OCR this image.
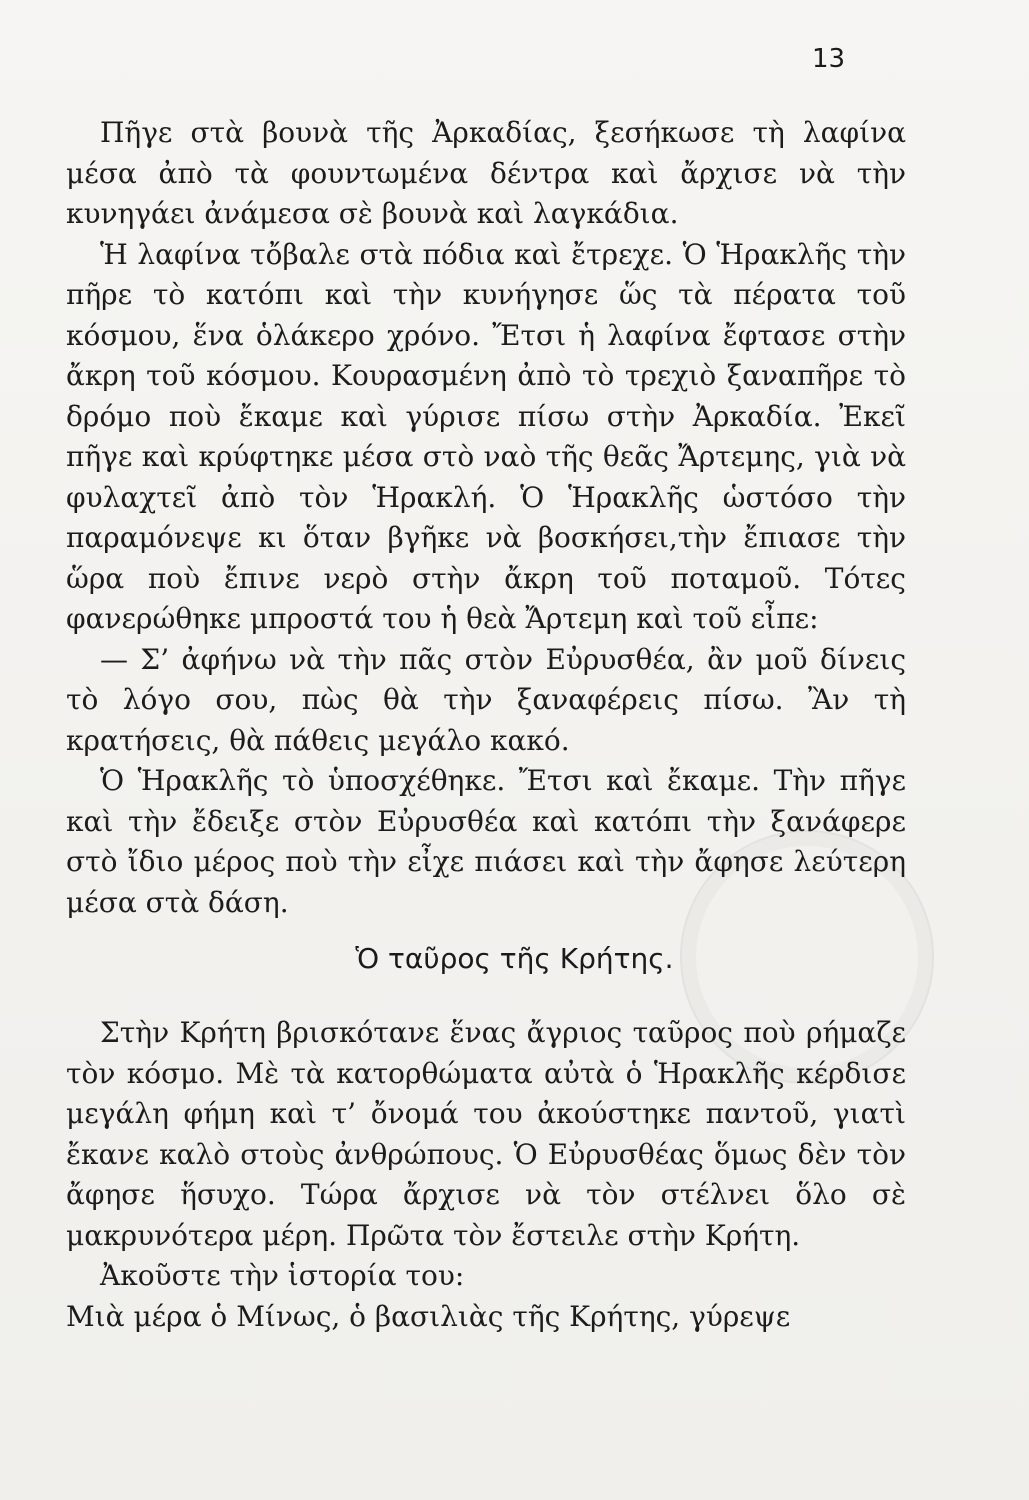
13

Πῆγε στὰ βουνὰ τῆς Ἀρκαδίας, ξεσήκωσε τὴ λαφίνα μέσα ἀπὸ τὰ φουντωμένα δέντρα καὶ ἄρχισε νὰ τὴν κυνηγάει ἀνάμεσα σὲ βουνὰ καὶ λαγκάδια.

Ἡ λαφίνα τὄβαλε στὰ πόδια καὶ ἔτρεχε. Ὁ Ἡρακλῆς τὴν πῆρε τὸ κατόπι καὶ τὴν κυνήγησε ὥς τὰ πέρατα τοῦ κόσμου, ἕνα ὁλάκερο χρόνο. Ἔτσι ἡ λαφίνα ἔφτασε στὴν ἄκρη τοῦ κόσμου. Κουρασμένη ἀπὸ τὸ τρεχιὸ ξαναπῆρε τὸ δρόμο ποὺ ἔκαμε καὶ γύρισε πίσω στὴν Ἀρκαδία. Ἐκεῖ πῆγε καὶ κρύφτηκε μέσα στὸ ναὸ τῆς θεᾶς Ἄρτεμης, γιὰ νὰ φυλαχτεῖ ἀπὸ τὸν Ἡρακλή. Ὁ Ἡρακλῆς ὡστόσο τὴν παραμόνεψε κι ὅταν βγῆκε νὰ βοσκήσει,τὴν ἔπιασε τὴν ὥρα ποὺ ἔπινε νερὸ στὴν ἄκρη τοῦ ποταμοῦ. Τότες φανερώθηκε μπροστά του ἡ θεὰ Ἄρτεμη καὶ τοῦ εἶπε:

— Σ’ ἀφήνω νὰ τὴν πᾶς στὸν Εὐρυσθέα, ἂν μοῦ δίνεις τὸ λόγο σου, πὼς θὰ τὴν ξαναφέρεις πίσω. Ἂν τὴ κρατήσεις, θὰ πάθεις μεγάλο κακό.

Ὁ Ἡρακλῆς τὸ ὑποσχέθηκε. Ἔτσι καὶ ἔκαμε. Τὴν πῆγε καὶ τὴν ἔδειξε στὸν Εὐρυσθέα καὶ κατόπι τὴν ξανάφερε στὸ ἴδιο μέρος ποὺ τὴν εἶχε πιάσει καὶ τὴν ἄφησε λεύτερη μέσα στὰ δάση.

Ὁ ταῦρος τῆς Κρήτης.

Στὴν Κρήτη βρισκότανε ἕνας ἄγριος ταῦρος ποὺ ρήμαζε τὸν κόσμο. Μὲ τὰ κατορθώματα αὐτὰ ὁ Ἡρακλῆς κέρδισε μεγάλη φήμη καὶ τ’ ὄνομά του ἀκούστηκε παντοῦ, γιατὶ ἔκανε καλὸ στοὺς ἀνθρώπους. Ὁ Εὐρυσθέας ὅμως δὲν τὸν ἄφησε ἥσυχο. Τώρα ἄρχισε νὰ τὸν στέλνει ὅλο σὲ μακρυνότερα μέρη. Πρῶτα τὸν ἔστειλε στὴν Κρήτη.

Ἀκοῦστε τὴν ἱστορία του:

Μιὰ μέρα ὁ Μίνως, ὁ βασιλιὰς τῆς Κρήτης, γύρεψε
